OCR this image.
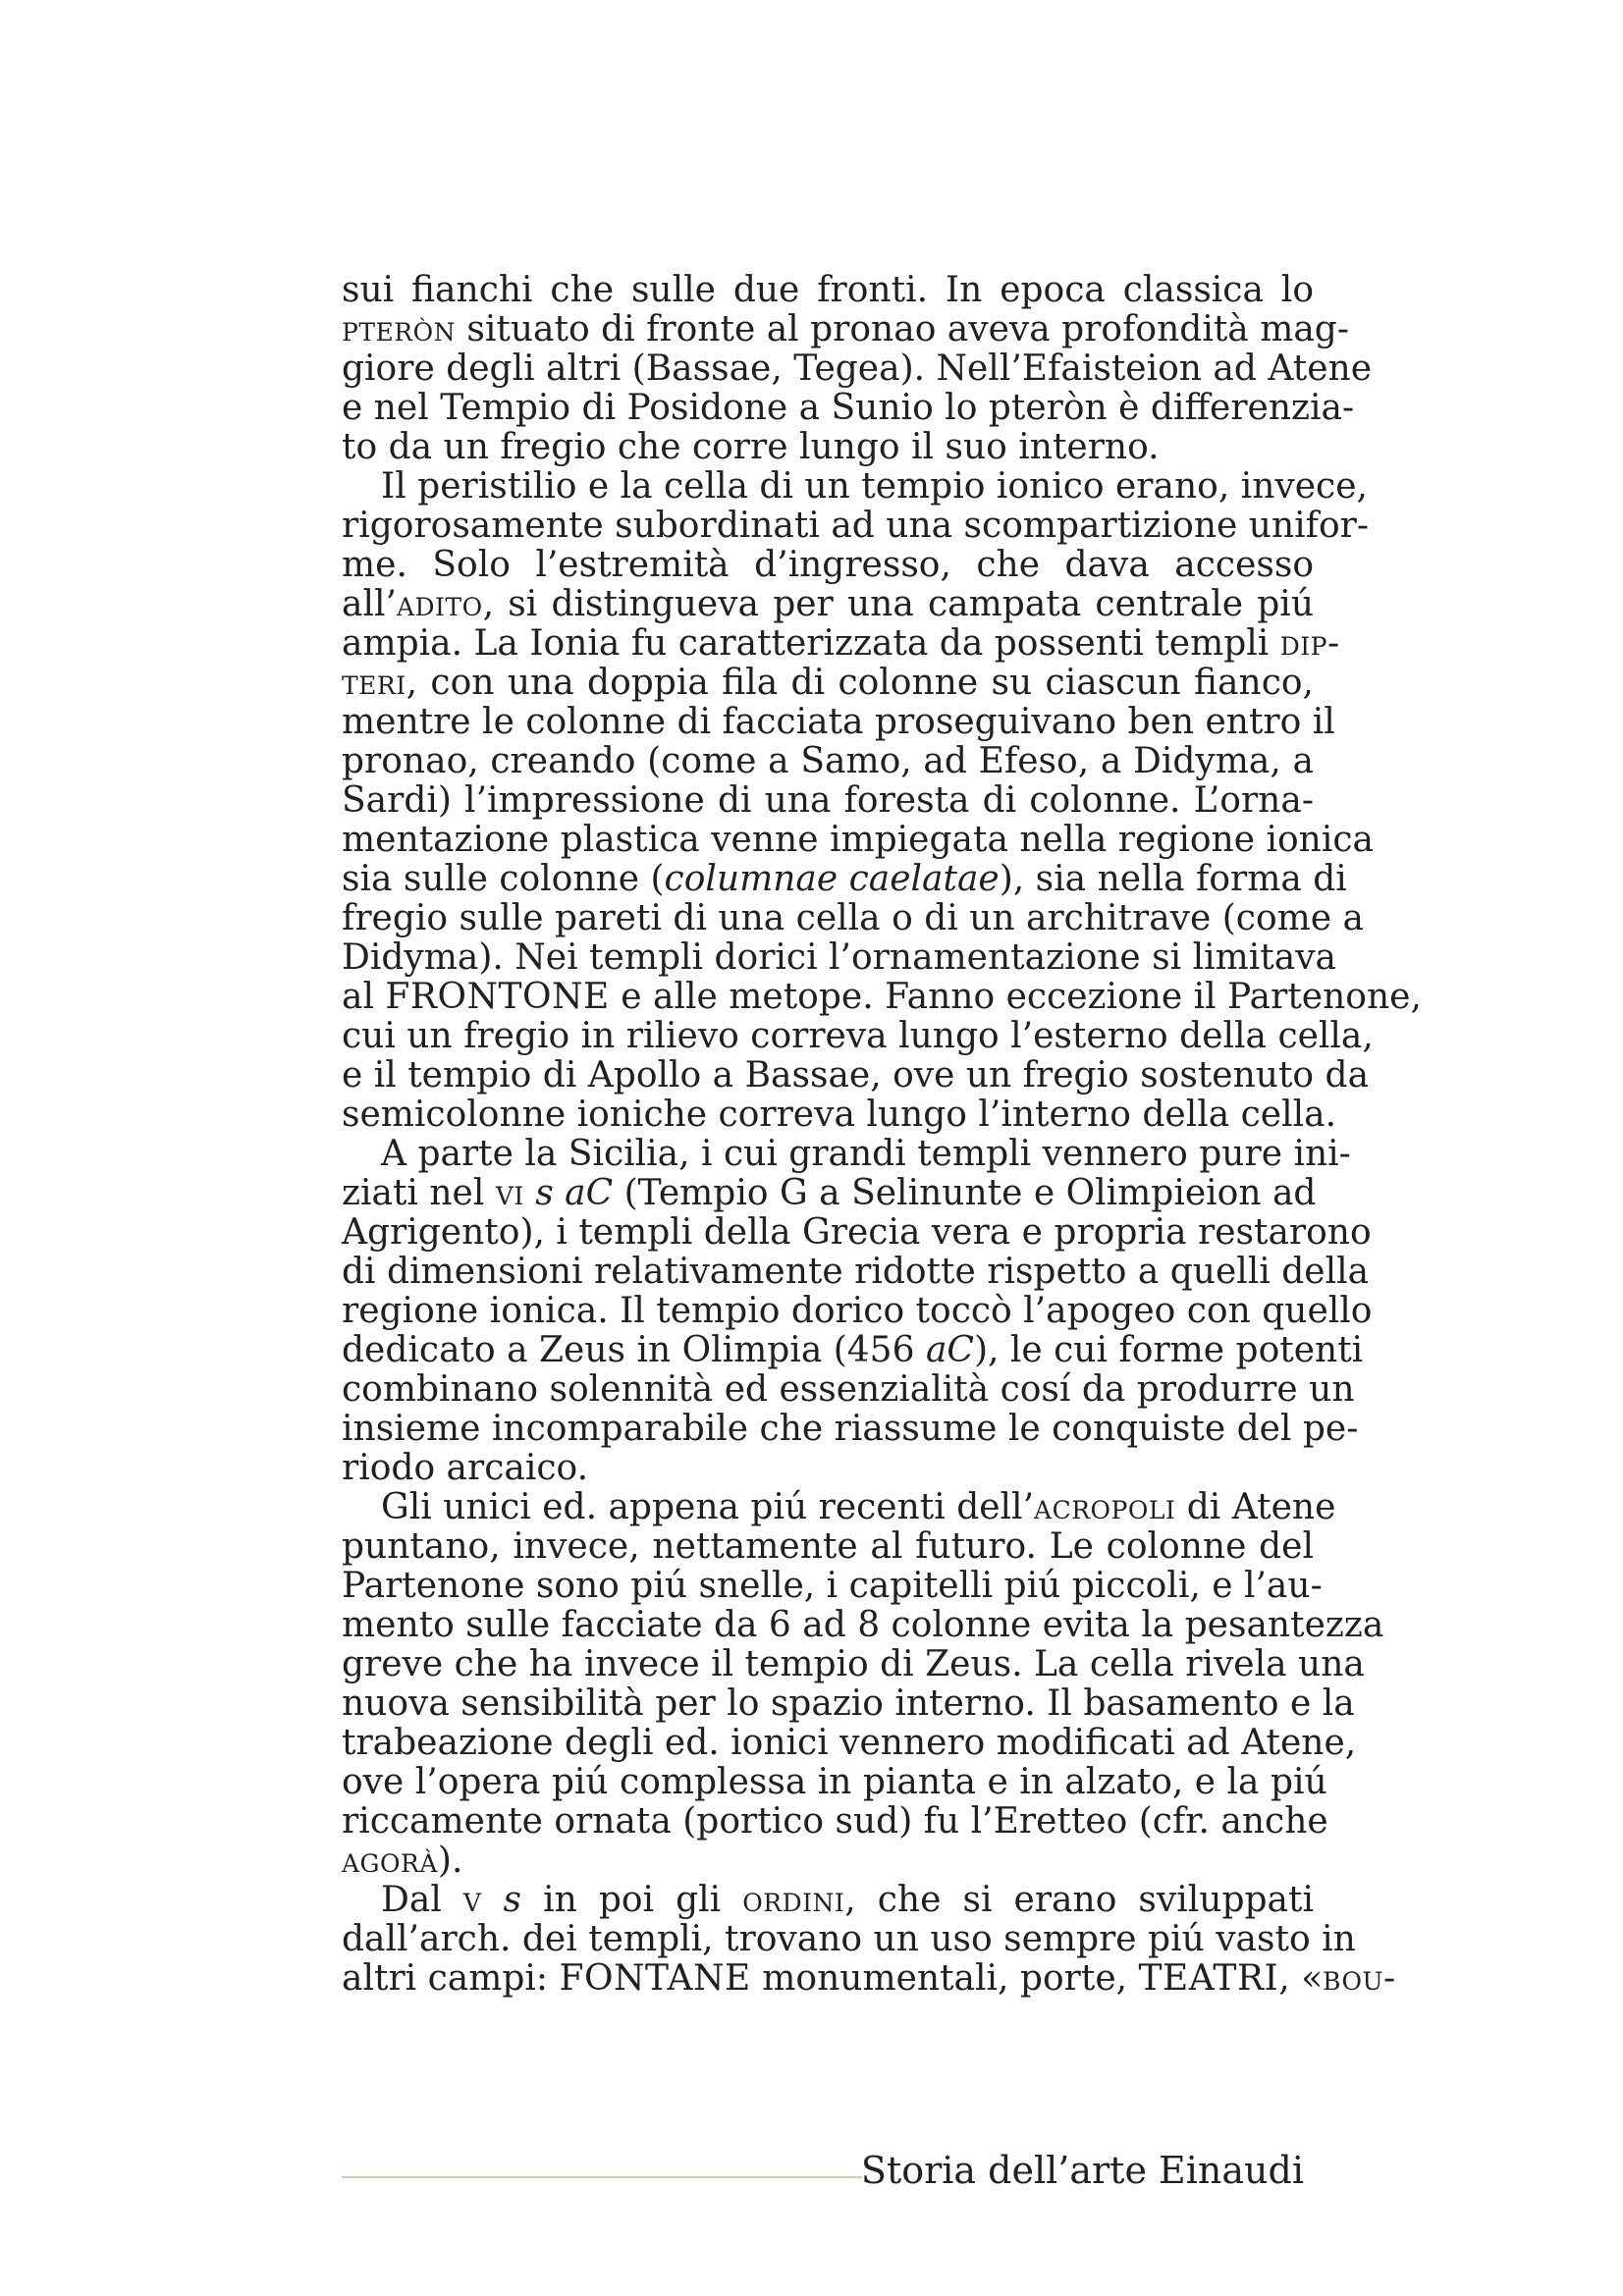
sui fianchi che sulle due fronti. In epoca classica lo
pteròn situato di fronte al pronao aveva profondità mag-
giore degli altri (Bassae, Tegea). Nell’Efaisteion ad Atene
e nel Tempio di Posidone a Sunio lo pteròn è differenzia-
to da un fregio che corre lungo il suo interno.

Il peristilio e la cella di un tempio ionico erano, invece,
rigorosamente subordinati ad una scompartizione unifor-
me. Solo l’estremità d’ingresso, che dava accesso
all’adito, si distingueva per una campata centrale piú
ampia. La Ionia fu caratterizzata da possenti templi dip-
teri, con una doppia fila di colonne su ciascun fianco,
mentre le colonne di facciata proseguivano ben entro il
pronao, creando (come a Samo, ad Efeso, a Didyma, a
Sardi) l’impressione di una foresta di colonne. L’orna-
mentazione plastica venne impiegata nella regione ionica
sia sulle colonne (columnae caelatae), sia nella forma di
fregio sulle pareti di una cella o di un architrave (come a
Didyma). Nei templi dorici l’ornamentazione si limitava
al FRONTONE e alle metope. Fanno eccezione il Partenone,
cui un fregio in rilievo correva lungo l’esterno della cella,
e il tempio di Apollo a Bassae, ove un fregio sostenuto da
semicolonne ioniche correva lungo l’interno della cella.

A parte la Sicilia, i cui grandi templi vennero pure ini-
ziati nel vi s aC (Tempio G a Selinunte e Olimpieion ad
Agrigento), i templi della Grecia vera e propria restarono
di dimensioni relativamente ridotte rispetto a quelli della
regione ionica. Il tempio dorico toccò l’apogeo con quello
dedicato a Zeus in Olimpia (456 aC), le cui forme potenti
combinano solennità ed essenzialità cosí da produrre un
insieme incomparabile che riassume le conquiste del pe-
riodo arcaico.

Gli unici ed. appena piú recenti dell’acropoli di Atene
puntano, invece, nettamente al futuro. Le colonne del
Partenone sono piú snelle, i capitelli piú piccoli, e l’au-
mento sulle facciate da 6 ad 8 colonne evita la pesantezza
greve che ha invece il tempio di Zeus. La cella rivela una
nuova sensibilità per lo spazio interno. Il basamento e la
trabeazione degli ed. ionici vennero modificati ad Atene,
ove l’opera piú complessa in pianta e in alzato, e la piú
riccamente ornata (portico sud) fu l’Eretteo (cfr. anche
agorà).

Dal v s in poi gli ordini, che si erano sviluppati
dall’arch. dei templi, trovano un uso sempre piú vasto in
altri campi: FONTANE monumentali, porte, TEATRI, «bou-

Storia dell’arte Einaudi
